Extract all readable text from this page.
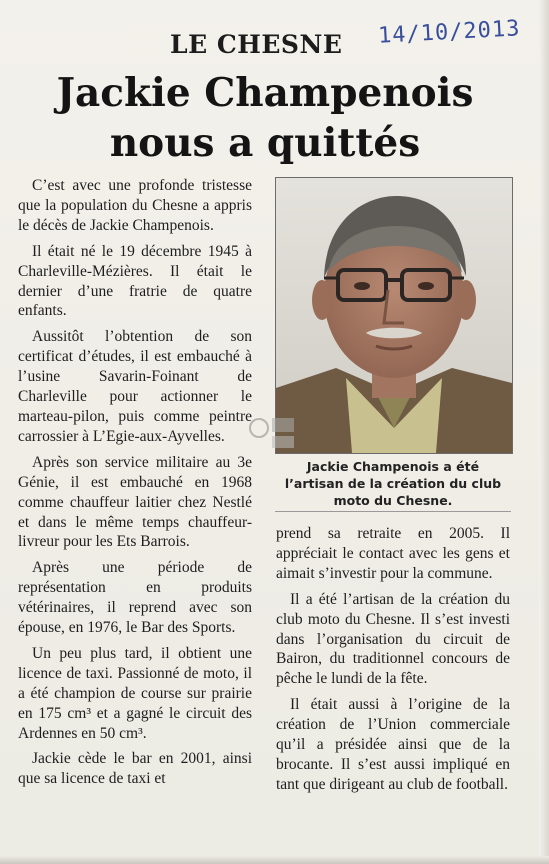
14/10/2013
LE CHESNE
Jackie Champenois
nous a quittés

C’est avec une profonde tristesse que la population du Chesne a appris le décès de Jackie Champenois.

Il était né le 19 décembre 1945 à Charleville-Mézières. Il était le dernier d’une fratrie de quatre enfants.

Aussitôt l’obtention de son certificat d’études, il est embauché à l’usine Savarin-Foinant de Charleville pour actionner le marteau-pilon, puis comme peintre carrossier à L’Egie-aux-Ayvelles.

Après son service militaire au 3e Génie, il est embauché en 1968 comme chauffeur laitier chez Nestlé et dans le même temps chauffeur-livreur pour les Ets Barrois.

Après une période de représentation en produits vétérinaires, il reprend avec son épouse, en 1976, le Bar des Sports.

Un peu plus tard, il obtient une licence de taxi. Passionné de moto, il a été champion de course sur prairie en 175 cm³ et a gagné le circuit des Ardennes en 50 cm³.

Jackie cède le bar en 2001, ainsi que sa licence de taxi et

Jackie Champenois a été l’artisan de la création du club moto du Chesne.

prend sa retraite en 2005. Il appréciait le contact avec les gens et aimait s’investir pour la commune.

Il a été l’artisan de la création du club moto du Chesne. Il s’est investi dans l’organisation du circuit de Bairon, du traditionnel concours de pêche le lundi de la fête.

Il était aussi à l’origine de la création de l’Union commerciale qu’il a présidée ainsi que de la brocante. Il s’est aussi impliqué en tant que dirigeant au club de football.
